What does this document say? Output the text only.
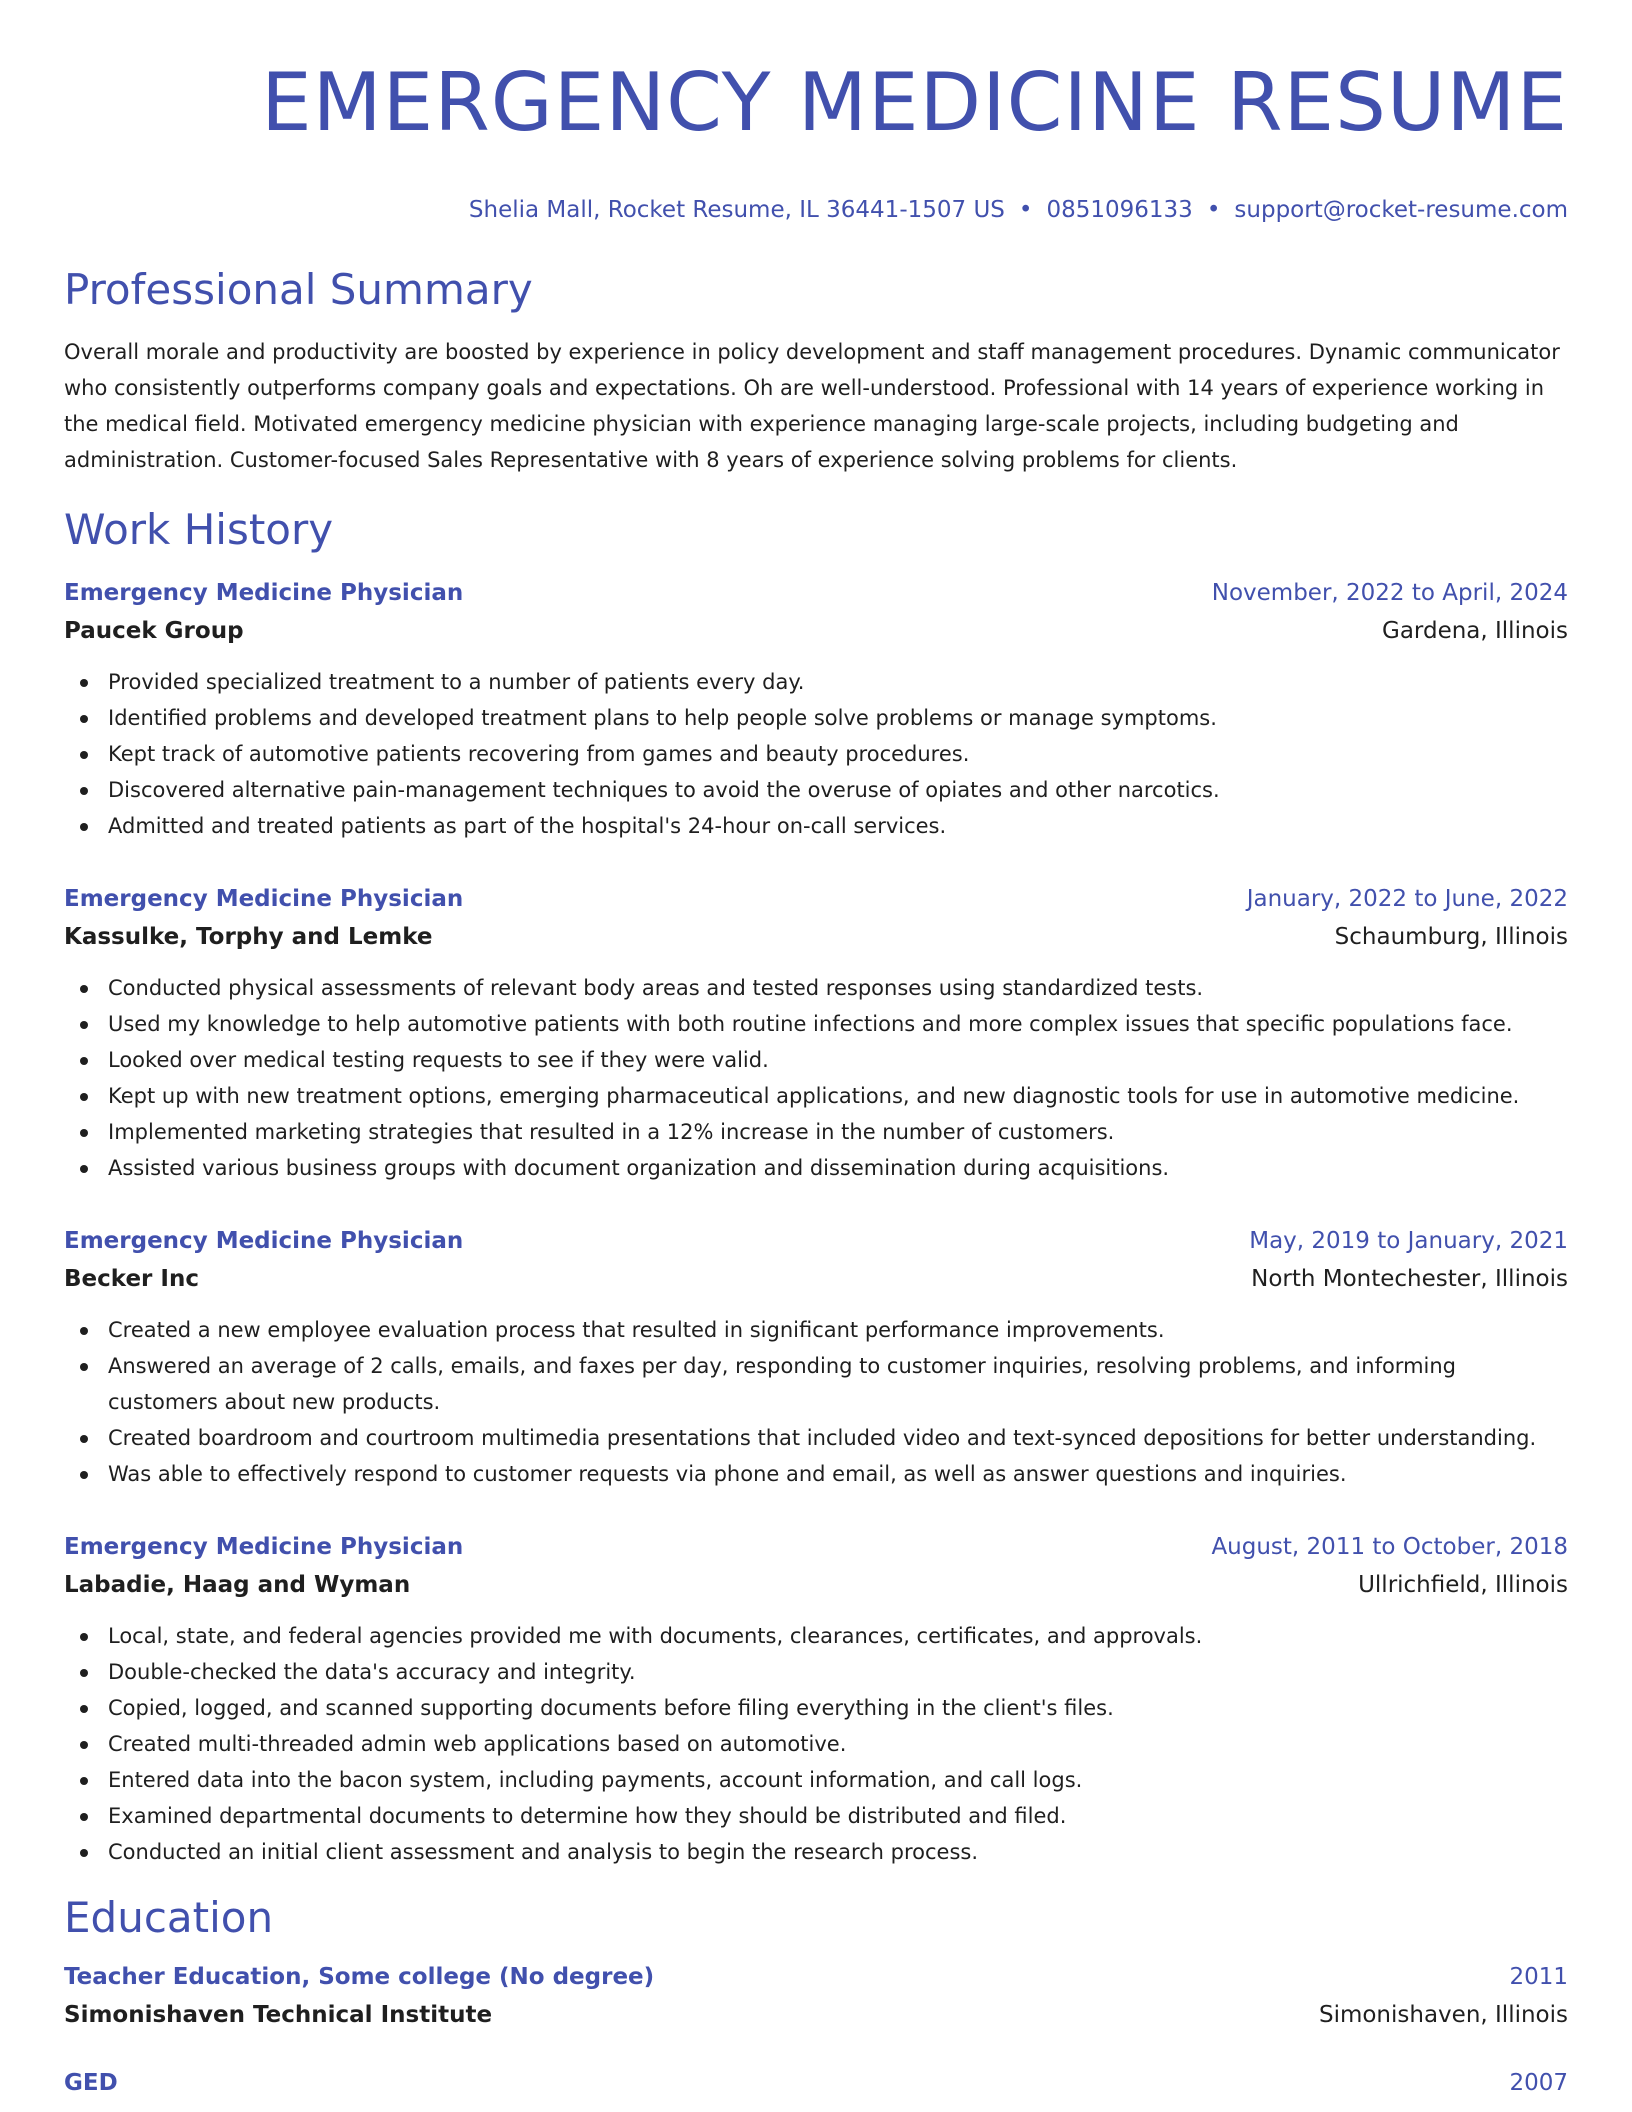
EMERGENCY MEDICINE RESUME
Shelia Mall, Rocket Resume, IL 36441-1507 US • 0851096133 • support@rocket-resume.com
Professional Summary

Overall morale and productivity are boosted by experience in policy development and staff management procedures. Dynamic communicator who consistently outperforms company goals and expectations. Oh are well-understood. Professional with 14 years of experience working in the medical field. Motivated emergency medicine physician with experience managing large-scale projects, including budgeting and administration. Customer-focused Sales Representative with 8 years of experience solving problems for clients.

Work History
Emergency Medicine Physician	November, 2022 to April, 2024
Paucek Group	Gardena, Illinois
Provided specialized treatment to a number of patients every day.
Identified problems and developed treatment plans to help people solve problems or manage symptoms.
Kept track of automotive patients recovering from games and beauty procedures.
Discovered alternative pain-management techniques to avoid the overuse of opiates and other narcotics.
Admitted and treated patients as part of the hospital's 24-hour on-call services.
Emergency Medicine Physician	January, 2022 to June, 2022
Kassulke, Torphy and Lemke	Schaumburg, Illinois
Conducted physical assessments of relevant body areas and tested responses using standardized tests.
Used my knowledge to help automotive patients with both routine infections and more complex issues that specific populations face.
Looked over medical testing requests to see if they were valid.
Kept up with new treatment options, emerging pharmaceutical applications, and new diagnostic tools for use in automotive medicine.
Implemented marketing strategies that resulted in a 12% increase in the number of customers.
Assisted various business groups with document organization and dissemination during acquisitions.
Emergency Medicine Physician	May, 2019 to January, 2021
Becker Inc	North Montechester, Illinois
Created a new employee evaluation process that resulted in significant performance improvements.
Answered an average of 2 calls, emails, and faxes per day, responding to customer inquiries, resolving problems, and informing customers about new products.
Created boardroom and courtroom multimedia presentations that included video and text-synced depositions for better understanding.
Was able to effectively respond to customer requests via phone and email, as well as answer questions and inquiries.
Emergency Medicine Physician	August, 2011 to October, 2018
Labadie, Haag and Wyman	Ullrichfield, Illinois
Local, state, and federal agencies provided me with documents, clearances, certificates, and approvals.
Double-checked the data's accuracy and integrity.
Copied, logged, and scanned supporting documents before filing everything in the client's files.
Created multi-threaded admin web applications based on automotive.
Entered data into the bacon system, including payments, account information, and call logs.
Examined departmental documents to determine how they should be distributed and filed.
Conducted an initial client assessment and analysis to begin the research process.
Education
Teacher Education, Some college (No degree)	2011
Simonishaven Technical Institute	Simonishaven, Illinois
GED	2007
